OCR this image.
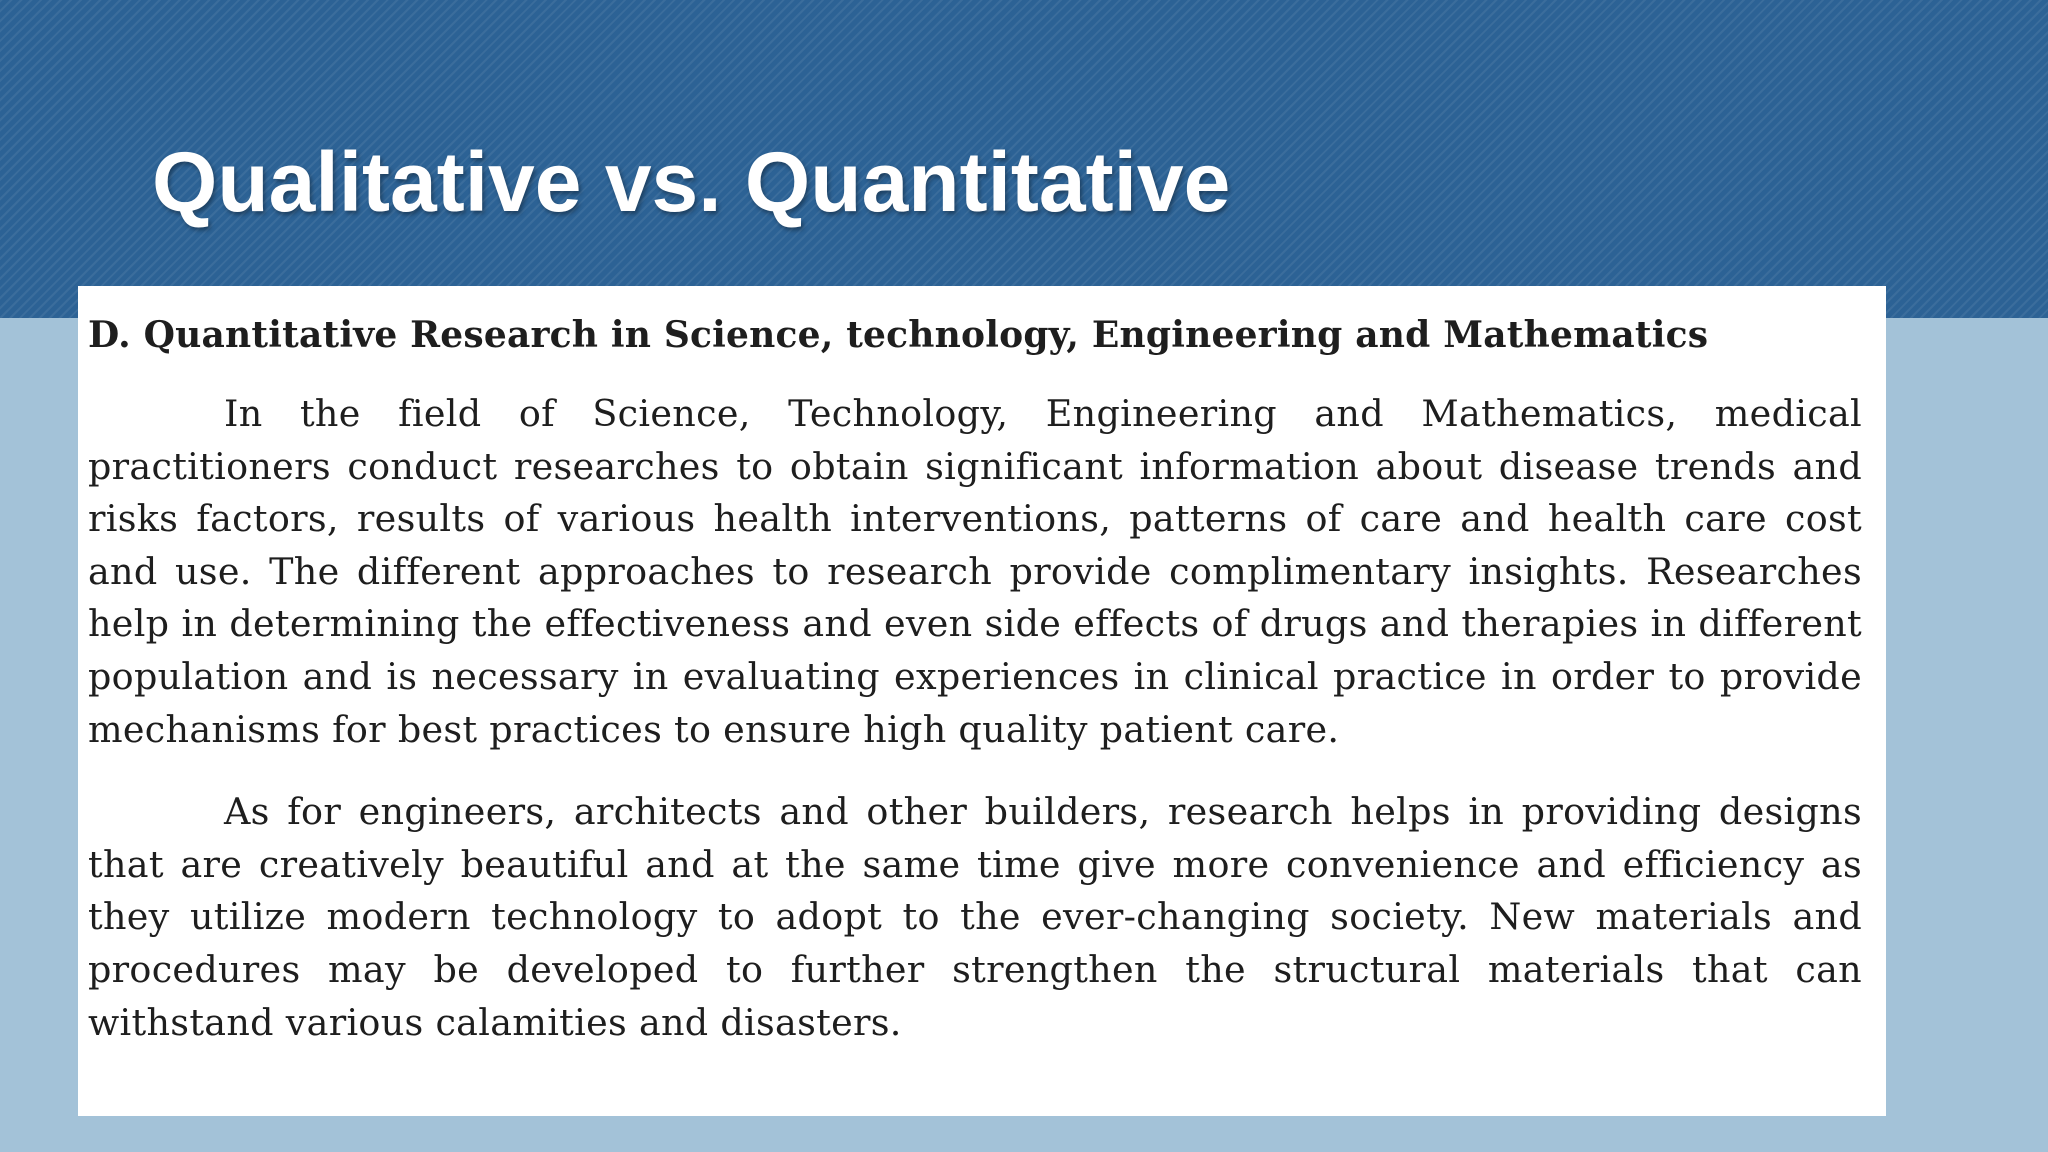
Qualitative vs. Quantitative

D. Quantitative Research in Science, technology, Engineering and Mathematics

In the field of Science, Technology, Engineering and Mathematics, medical practitioners conduct researches to obtain significant information about disease trends and risks factors, results of various health interventions, patterns of care and health care cost and use. The different approaches to research provide complimentary insights. Researches help in determining the effectiveness and even side effects of drugs and therapies in different population and is necessary in evaluating experiences in clinical practice in order to provide mechanisms for best practices to ensure high quality patient care.

As for engineers, architects and other builders, research helps in providing designs that are creatively beautiful and at the same time give more convenience and efficiency as they utilize modern technology to adopt to the ever-changing society. New materials and procedures may be developed to further strengthen the structural materials that can withstand various calamities and disasters.
